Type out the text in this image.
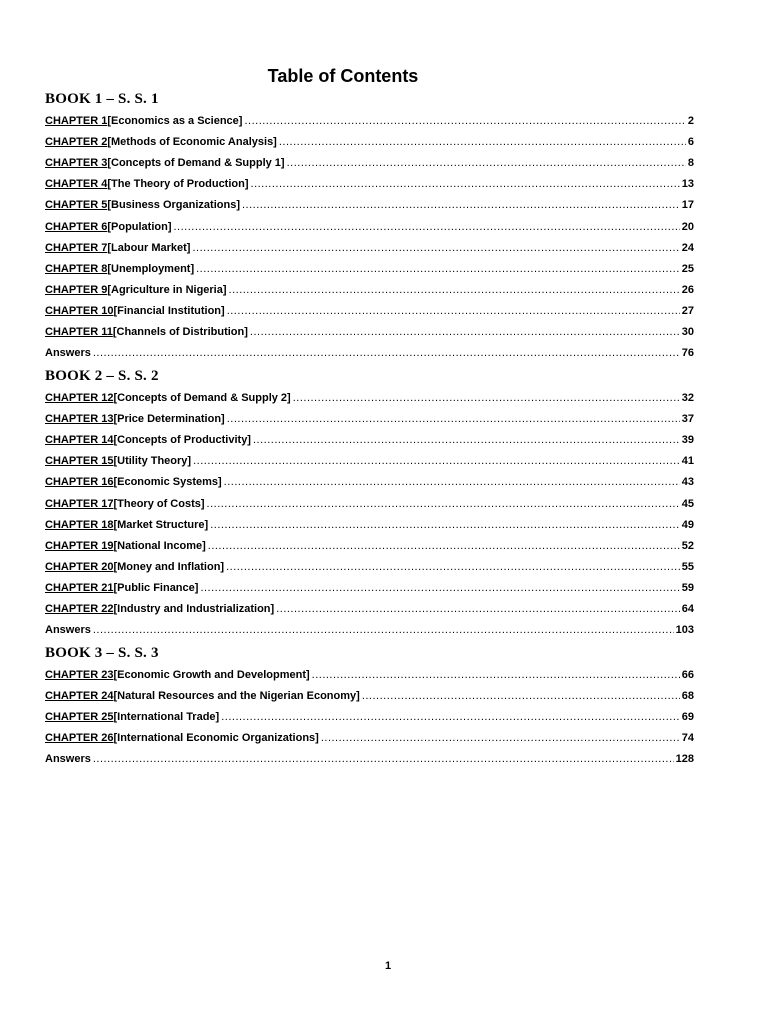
Table of Contents
BOOK 1 – S. S. 1
CHAPTER 1 [Economics as a Science] .....	2
CHAPTER 2 [Methods of Economic Analysis] .....	6
CHAPTER 3 [Concepts of Demand & Supply 1] .....	8
CHAPTER 4 [The Theory of Production] .....	13
CHAPTER 5 [Business Organizations] .....	17
CHAPTER 6 [Population] .....	20
CHAPTER 7 [Labour Market] .....	24
CHAPTER 8 [Unemployment] .....	25
CHAPTER 9 [Agriculture in Nigeria] .....	26
CHAPTER 10 [Financial Institution] .....	27
CHAPTER 11 [Channels of Distribution] .....	30
Answers .....	76
BOOK 2 – S. S. 2
CHAPTER 12 [Concepts of Demand & Supply 2] .....	32
CHAPTER 13 [Price Determination] .....	37
CHAPTER 14 [Concepts of Productivity] .....	39
CHAPTER 15 [Utility Theory] .....	41
CHAPTER 16 [Economic Systems] .....	43
CHAPTER 17 [Theory of Costs] .....	45
CHAPTER 18 [Market Structure] .....	49
CHAPTER 19 [National Income] .....	52
CHAPTER 20 [Money and Inflation] .....	55
CHAPTER 21 [Public Finance] .....	59
CHAPTER 22 [Industry and Industrialization] .....	64
Answers .....	103
BOOK 3 – S. S. 3
CHAPTER 23 [Economic Growth and Development] .....	66
CHAPTER 24 [Natural Resources and the Nigerian Economy] .....	68
CHAPTER 25 [International Trade] .....	69
CHAPTER 26 [International Economic Organizations] .....	74
Answers .....	128
1
